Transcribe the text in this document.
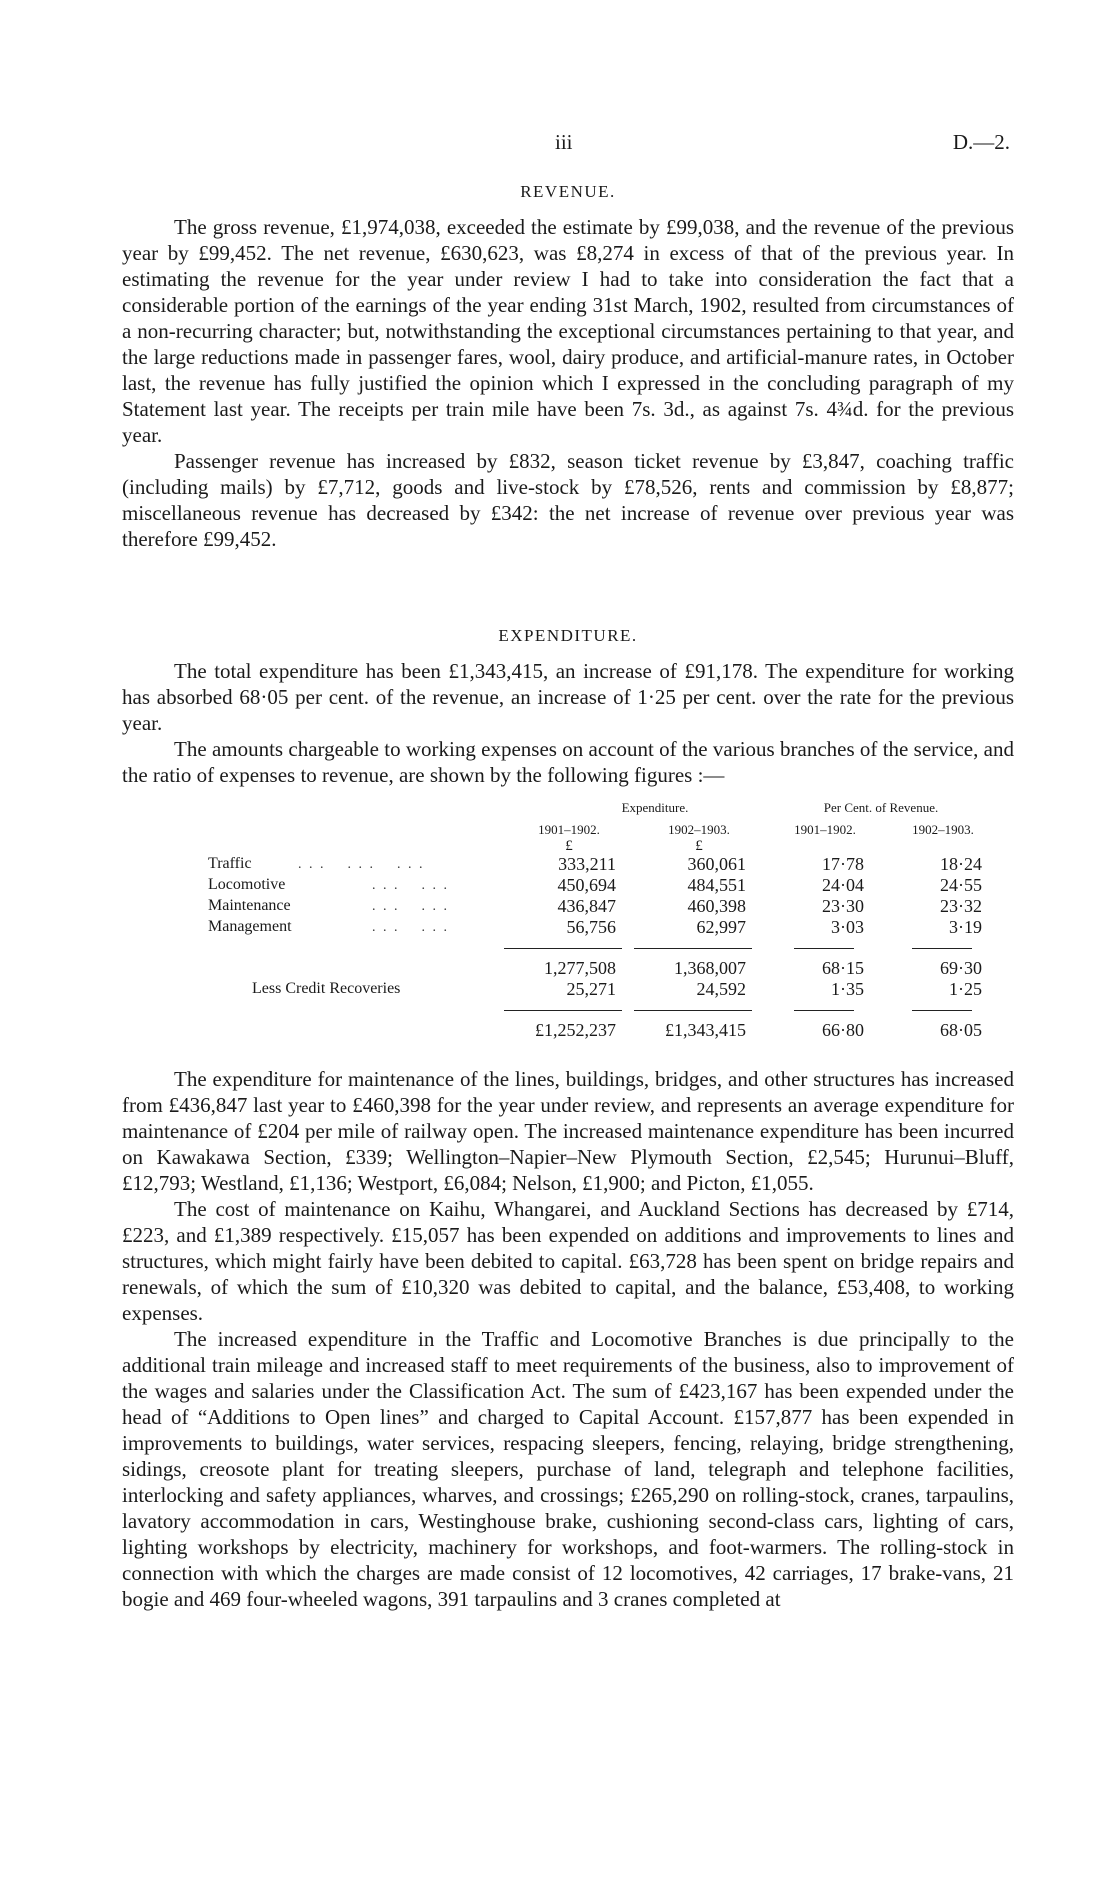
iii	D.—2.
REVENUE.

The gross revenue, £1,974,038, exceeded the estimate by £99,038, and the revenue of the previous year by £99,452. The net revenue, £630,623, was £8,274 in excess of that of the previous year. In estimating the revenue for the year under review I had to take into consideration the fact that a considerable portion of the earnings of the year ending 31st March, 1902, resulted from circumstances of a non-recurring character; but, notwithstanding the exceptional circumstances pertaining to that year, and the large reductions made in passenger fares, wool, dairy produce, and artificial-manure rates, in October last, the revenue has fully justified the opinion which I expressed in the concluding paragraph of my Statement last year. The receipts per train mile have been 7s. 3d., as against 7s. 4¾d. for the previous year.

Passenger revenue has increased by £832, season ticket revenue by £3,847, coaching traffic (including mails) by £7,712, goods and live-stock by £78,526, rents and commission by £8,877; miscellaneous revenue has decreased by £342: the net increase of revenue over previous year was therefore £99,452.

EXPENDITURE.

The total expenditure has been £1,343,415, an increase of £91,178. The expenditure for working has absorbed 68·05 per cent. of the revenue, an increase of 1·25 per cent. over the rate for the previous year.

The amounts chargeable to working expenses on account of the various branches of the service, and the ratio of expenses to revenue, are shown by the following figures :—

Expenditure.	Per Cent. of Revenue.
1901–1902.	1902–1903.	1901–1902.	1902–1903.
£	£
Traffic	. . .    . . .    . . .	333,211	360,061	17·78	18·24
Locomotive	. . .    . . .	450,694	484,551	24·04	24·55
Maintenance	. . .    . . .	436,847	460,398	23·30	23·32
Management	. . .    . . .	56,756	62,997	3·03	3·19
1,277,508	1,368,007	68·15	69·30
Less Credit Recoveries	25,271	24,592	1·35	1·25
£1,252,237	£1,343,415	66·80	68·05

The expenditure for maintenance of the lines, buildings, bridges, and other structures has increased from £436,847 last year to £460,398 for the year under review, and represents an average expenditure for maintenance of £204 per mile of railway open. The increased maintenance expenditure has been incurred on Kawakawa Section, £339; Wellington–Napier–New Plymouth Section, £2,545; Hurunui–Bluff, £12,793; Westland, £1,136; Westport, £6,084; Nelson, £1,900; and Picton, £1,055.

The cost of maintenance on Kaihu, Whangarei, and Auckland Sections has decreased by £714, £223, and £1,389 respectively. £15,057 has been expended on additions and improvements to lines and structures, which might fairly have been debited to capital. £63,728 has been spent on bridge repairs and renewals, of which the sum of £10,320 was debited to capital, and the balance, £53,408, to working expenses.

The increased expenditure in the Traffic and Locomotive Branches is due principally to the additional train mileage and increased staff to meet requirements of the business, also to improvement of the wages and salaries under the Classification Act. The sum of £423,167 has been expended under the head of “Additions to Open lines” and charged to Capital Account. £157,877 has been expended in improvements to buildings, water services, respacing sleepers, fencing, relaying, bridge strengthening, sidings, creosote plant for treating sleepers, purchase of land, telegraph and telephone facilities, interlocking and safety appliances, wharves, and crossings; £265,290 on rolling-stock, cranes, tarpaulins, lavatory accommodation in cars, Westinghouse brake, cushioning second-class cars, lighting of cars, lighting workshops by electricity, machinery for workshops, and foot-warmers. The rolling-stock in connection with which the charges are made consist of 12 locomotives, 42 carriages, 17 brake-vans, 21 bogie and 469 four-wheeled wagons, 391 tarpaulins and 3 cranes completed at
